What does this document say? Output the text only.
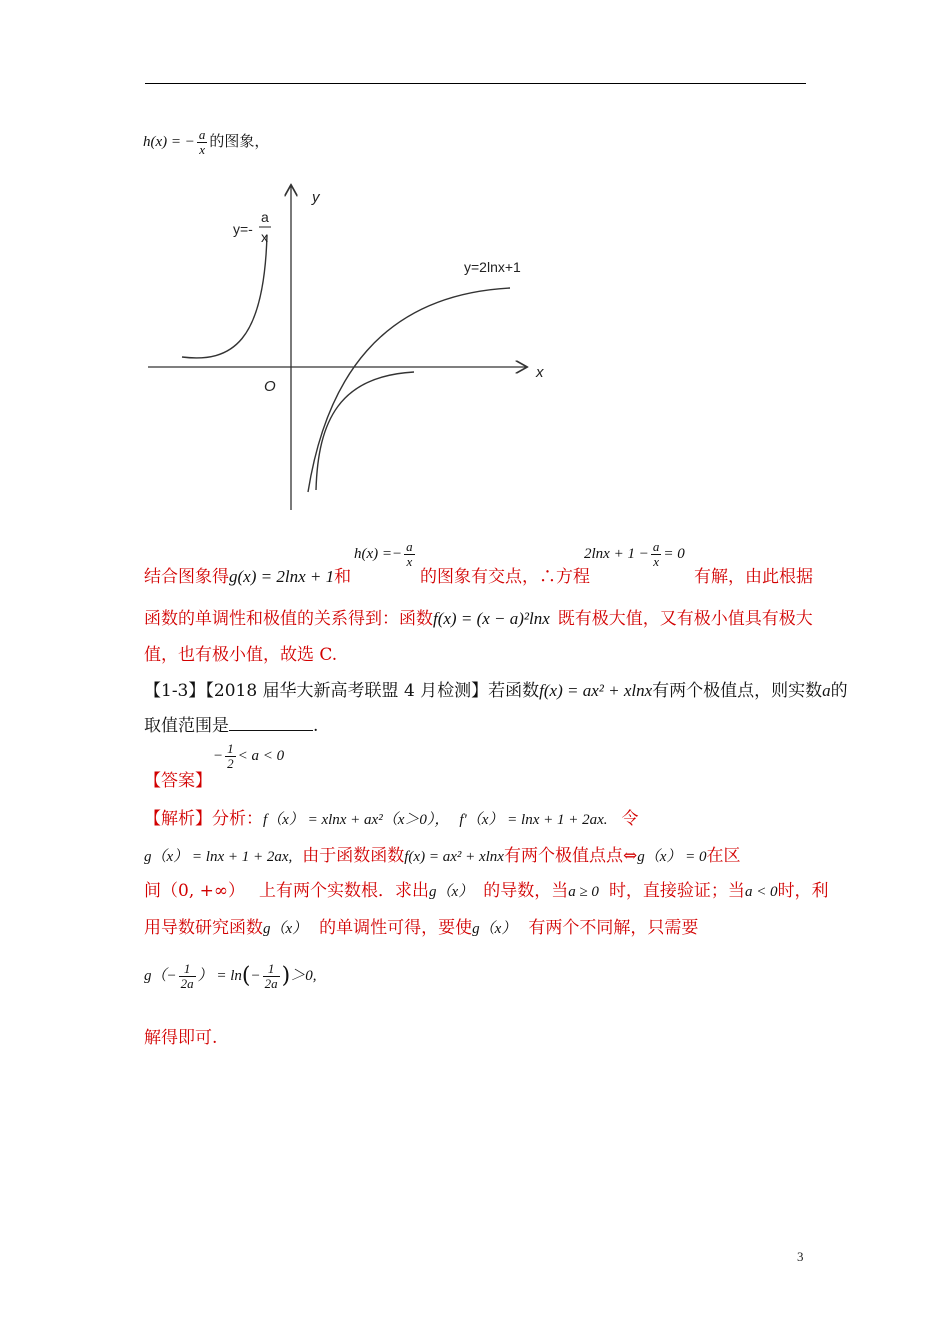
h(x) = − $\frac{a}{x}$ 的图象，
y
x
O
y=-
a
x
y=2lnx+1
结合图象得g(x) = 2lnx + 1和
$h(x) =- \frac{a}{x}$
的图象有交点，∴方程
$2\ln x + 1 - \frac{a}{x} = 0$
有解，由此根据
函数的单调性和极值的关系得到：函数f(x) = (x − a)²lnx 既有极大值，又有极小值具有极大
值，也有极小值，故选 C.
【1-3】【2018 届华大新高考联盟 4 月检测】若函数f(x) = ax² + xlnx有两个极值点，则实数a的
取值范围是	.
【答案】
− $\frac{1}{2} < a < 0$
【解析】分析：f（x） = xlnx + ax²（x＞0）， f'（x） = lnx + 1 + 2ax. 令
g（x） = lnx + 1 + 2ax, 由于函数函数f(x) = ax² + xlnx有两个极值点点⇔g（x） = 0在区
间（0, +∞） 上有两个实数根．求出g（x） 的导数，当a ≥ 0 时，直接验证；当a < 0时，利
用导数研究函数g（x） 的单调性可得，要使g（x） 有两个不同解，只需要
$g(- \frac{1}{2a}$ ） = $\ln(- \frac{1}{2a} )>0$,
解得即可.
3
